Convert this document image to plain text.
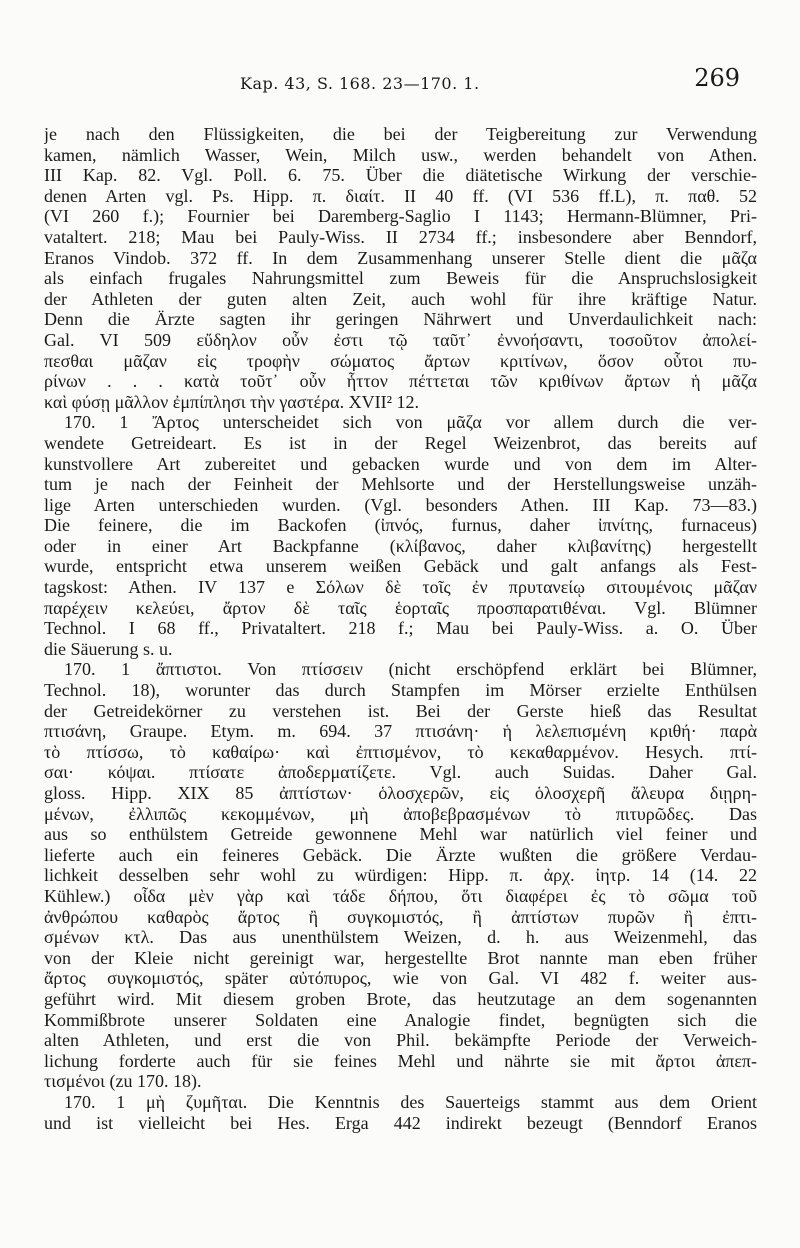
Kap. 43, S. 168. 23—170. 1.	269
je nach den Flüssigkeiten, die bei der Teigbereitung zur Verwendung
kamen, nämlich Wasser, Wein, Milch usw., werden behandelt von Athen.
III Kap. 82. Vgl. Poll. 6. 75. Über die diätetische Wirkung der verschie-
denen Arten vgl. Ps. Hipp. π. διαίτ. II 40 ff. (VI 536 ff.L), π. παθ. 52
(VI 260 f.); Fournier bei Daremberg-Saglio I 1143; Hermann-Blümner, Pri-
vataltert. 218; Mau bei Pauly-Wiss. II 2734 ff.; insbesondere aber Benndorf,
Eranos Vindob. 372 ff. In dem Zusammenhang unserer Stelle dient die μᾶζα
als einfach frugales Nahrungsmittel zum Beweis für die Anspruchslosigkeit
der Athleten der guten alten Zeit, auch wohl für ihre kräftige Natur.
Denn die Ärzte sagten ihr geringen Nährwert und Unverdaulichkeit nach:
Gal. VI 509 εὔδηλον οὖν ἐστι τῷ ταῦτ᾽ ἐννοήσαντι, τοσοῦτον ἀπολεί-
πεσθαι μᾶζαν εἰς τροφὴν σώματος ἄρτων κριτίνων, ὅσον οὗτοι πυ-
ρίνων . . . κατὰ τοῦτ᾽ οὖν ἧττον πέττεται τῶν κριθίνων ἄρτων ἡ μᾶζα
καὶ φύσῃ μᾶλλον ἐμπίπλησι τὴν γαστέρα. XVII² 12.
170. 1 Ἄρτος unterscheidet sich von μᾶζα vor allem durch die ver-
wendete Getreideart. Es ist in der Regel Weizenbrot, das bereits auf
kunstvollere Art zubereitet und gebacken wurde und von dem im Alter-
tum je nach der Feinheit der Mehlsorte und der Herstellungsweise unzäh-
lige Arten unterschieden wurden. (Vgl. besonders Athen. III Kap. 73—83.)
Die feinere, die im Backofen (ἰπνός, furnus, daher ἰπνίτης, furnaceus)
oder in einer Art Backpfanne (κλίβανος, daher κλιβανίτης) hergestellt
wurde, entspricht etwa unserem weißen Gebäck und galt anfangs als Fest-
tagskost: Athen. IV 137 e Σόλων δὲ τοῖς ἐν πρυτανείῳ σιτουμένοις μᾶζαν
παρέχειν κελεύει, ἄρτον δὲ ταῖς ἑορταῖς προσπαρατιθέναι. Vgl. Blümner
Technol. I 68 ff., Privataltert. 218 f.; Mau bei Pauly-Wiss. a. O. Über
die Säuerung s. u.
170. 1 ἄπτιστοι. Von πτίσσειν (nicht erschöpfend erklärt bei Blümner,
Technol. 18), worunter das durch Stampfen im Mörser erzielte Enthülsen
der Getreidekörner zu verstehen ist. Bei der Gerste hieß das Resultat
πτισάνη, Graupe. Etym. m. 694. 37 πτισάνη· ἡ λελεπισμένη κριθή· παρὰ
τὸ πτίσσω, τὸ καθαίρω· καὶ ἐπτισμένον, τὸ κεκαθαρμένον. Hesych. πτί-
σαι· κόψαι. πτίσατε ἀποδερματίζετε. Vgl. auch Suidas. Daher Gal.
gloss. Hipp. XIX 85 ἀπτίστων· ὁλοσχερῶν, εἰς ὁλοσχερῆ ἄλευρα διῃρη-
μένων, ἐλλιπῶς κεκομμένων, μὴ ἀποβεβρασμένων τὸ πιτυρῶδες. Das
aus so enthülstem Getreide gewonnene Mehl war natürlich viel feiner und
lieferte auch ein feineres Gebäck. Die Ärzte wußten die größere Verdau-
lichkeit desselben sehr wohl zu würdigen: Hipp. π. ἀρχ. ἰητρ. 14 (14. 22
Kühlew.) οἶδα μὲν γὰρ καὶ τάδε δήπου, ὅτι διαφέρει ἐς τὸ σῶμα τοῦ
ἀνθρώπου καθαρὸς ἄρτος ἢ συγκομιστός, ἢ ἀπτίστων πυρῶν ἢ ἐπτι-
σμένων κτλ. Das aus unenthülstem Weizen, d. h. aus Weizenmehl, das
von der Kleie nicht gereinigt war, hergestellte Brot nannte man eben früher
ἄρτος συγκομιστός, später αὐτόπυρος, wie von Gal. VI 482 f. weiter aus-
geführt wird. Mit diesem groben Brote, das heutzutage an dem sogenannten
Kommißbrote unserer Soldaten eine Analogie findet, begnügten sich die
alten Athleten, und erst die von Phil. bekämpfte Periode der Verweich-
lichung forderte auch für sie feines Mehl und nährte sie mit ἄρτοι ἀπεπ-
τισμένοι (zu 170. 18).
170. 1 μὴ ζυμῆται. Die Kenntnis des Sauerteigs stammt aus dem Orient
und ist vielleicht bei Hes. Erga 442 indirekt bezeugt (Benndorf Eranos
